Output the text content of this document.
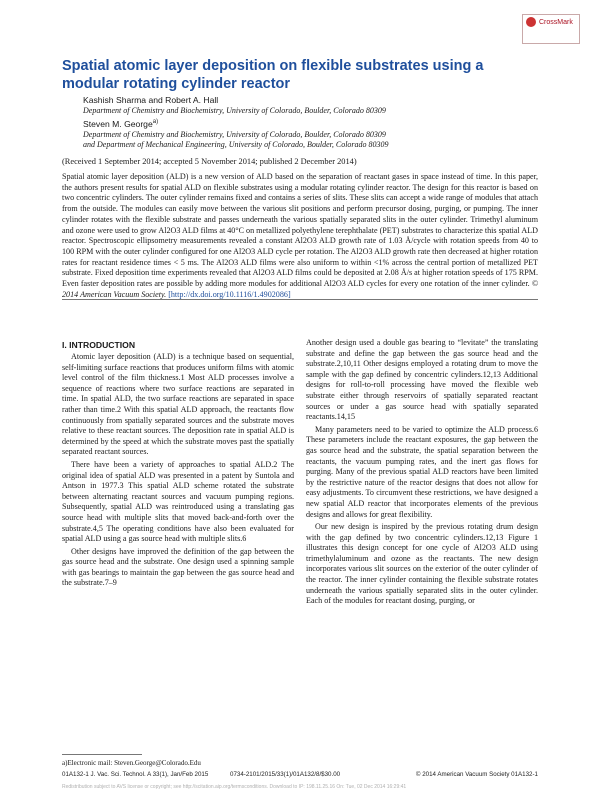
CrossMark
Spatial atomic layer deposition on flexible substrates using a modular rotating cylinder reactor
Kashish Sharma and Robert A. Hall
Department of Chemistry and Biochemistry, University of Colorado, Boulder, Colorado 80309
Steven M. George$^{a)}$
Department of Chemistry and Biochemistry, University of Colorado, Boulder, Colorado 80309
and Department of Mechanical Engineering, University of Colorado, Boulder, Colorado 80309
(Received 1 September 2014; accepted 5 November 2014; published 2 December 2014)
Spatial atomic layer deposition (ALD) is a new version of ALD based on the separation of reactant gases in space instead of time. In this paper, the authors present results for spatial ALD on flexible substrates using a modular rotating cylinder reactor. The design for this reactor is based on two concentric cylinders. The outer cylinder remains fixed and contains a series of slits. These slits can accept a wide range of modules that attach from the outside. The modules can easily move between the various slit positions and perform precursor dosing, purging, or pumping. The inner cylinder rotates with the flexible substrate and passes underneath the various spatially separated slits in the outer cylinder. Trimethyl aluminum and ozone were used to grow Al2O3 ALD films at 40°C on metallized polyethylene terephthalate (PET) substrates to characterize this spatial ALD reactor. Spectroscopic ellipsometry measurements revealed a constant Al2O3 ALD growth rate of 1.03 Å/cycle with rotation speeds from 40 to 100 RPM with the outer cylinder configured for one Al2O3 ALD cycle per rotation. The Al2O3 ALD growth rate then decreased at higher rotation rates for reactant residence times < 5 ms. The Al2O3 ALD films were also uniform to within <1% across the central portion of metallized PET substrate. Fixed deposition time experiments revealed that Al2O3 ALD films could be deposited at 2.08 Å/s at higher rotation speeds of 175 RPM. Even faster deposition rates are possible by adding more modules for additional Al2O3 ALD cycles for every one rotation of the inner cylinder. © 2014 American Vacuum Society. [http://dx.doi.org/10.1116/1.4902086]
I. INTRODUCTION

Atomic layer deposition (ALD) is a technique based on sequential, self-limiting surface reactions that produces uniform films with atomic level control of the film thickness.1 Most ALD processes involve a sequence of reactions where two surface reactions are separated in time. In spatial ALD, the two surface reactions are separated in space rather than time.2 With this spatial ALD approach, the reactants flow continuously from spatially separated sources and the substrate moves relative to these reactant sources. The deposition rate in spatial ALD is determined by the speed at which the substrate moves past the spatially separated reactant sources.

There have been a variety of approaches to spatial ALD.2 The original idea of spatial ALD was presented in a patent by Suntola and Antson in 1977.3 This spatial ALD scheme rotated the substrate between alternating reactant sources and vacuum pumping regions. Subsequently, spatial ALD was reintroduced using a translating gas source head with multiple slits that moved back-and-forth over the substrate.4,5 The operating conditions have also been evaluated for spatial ALD using a gas source head with multiple slits.6

Other designs have improved the definition of the gap between the gas source head and the substrate. One design used a spinning sample with gas bearings to maintain the gap between the gas source head and the substrate.7–9

Another design used a double gas bearing to “levitate” the translating substrate and define the gap between the gas source head and the substrate.2,10,11 Other designs employed a rotating drum to move the sample with the gap defined by concentric cylinders.12,13 Additional designs for roll-to-roll processing have moved the flexible web substrate either through reservoirs of spatially separated reactant sources or under a gas source head with spatially separated reactants.14,15

Many parameters need to be varied to optimize the ALD process.6 These parameters include the reactant exposures, the gap between the gas source head and the substrate, the spatial separation between the reactants, the vacuum pumping rates, and the inert gas flows for purging. Many of the previous spatial ALD reactors have been limited by the restrictive nature of the reactor designs that does not allow for easy adjustments. To circumvent these restrictions, we have designed a new spatial ALD reactor that incorporates elements of the previous designs and allows for great flexibility.

Our new design is inspired by the previous rotating drum design with the gap defined by two concentric cylinders.12,13 Figure 1 illustrates this design concept for one cycle of Al2O3 ALD using trimethylaluminum and ozone as the reactants. The new design incorporates various slit sources on the exterior of the outer cylinder of the reactor. The inner cylinder containing the flexible substrate rotates underneath the various spatially separated slits in the outer cylinder. Each of the modules for reactant dosing, purging, or

a)Electronic mail: Steven.George@Colorado.Edu
01A132-1 J. Vac. Sci. Technol. A 33(1), Jan/Feb 2015	0734-2101/2015/33(1)/01A132/8/$30.00	© 2014 American Vacuum Society 01A132-1
Redistribution subject to AVS license or copyright; see http://scitation.aip.org/termsconditions. Download to IP: 198.11.25.16 On: Tue, 02 Dec 2014 16:29:41
